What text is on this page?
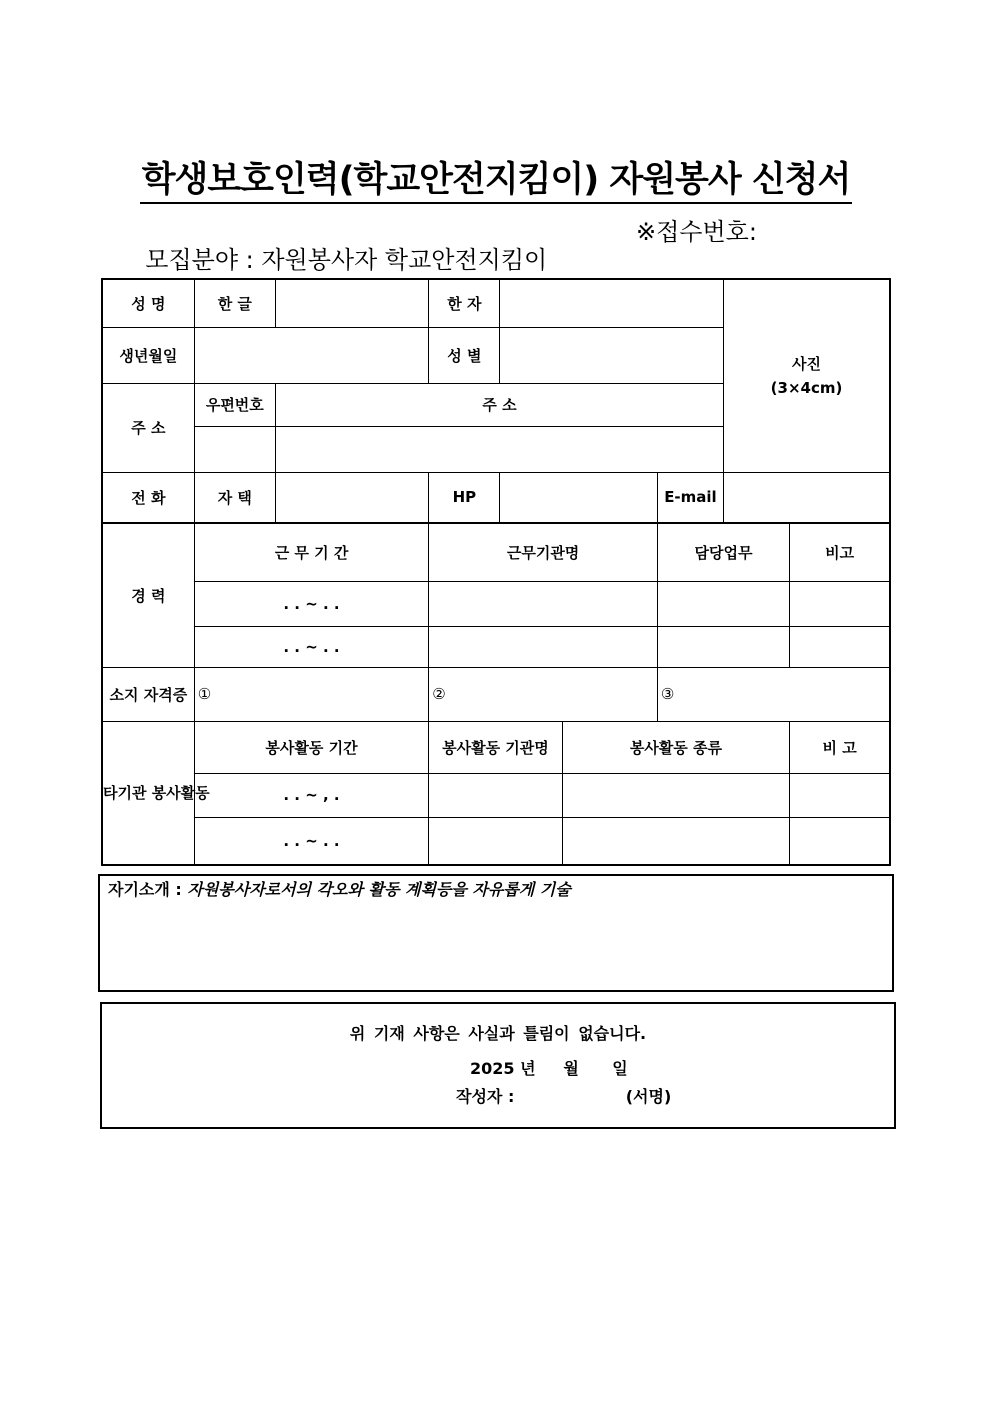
학생보호인력(학교안전지킴이) 자원봉사 신청서

모집분야 : 자원봉사자 학교안전지킴이

※접수번호:

성 명	한 글		한 자				사진
(3×4cm)	

생년월일			성 별					
주 소	우편번호	주 소						

전 화	자 택		HP			E-mail		
경 력	근 무 기 간		근무기관명			담당업무		비고
	. . ~ . .							
	. . ~ . .							
소지 자격증	①		②			③		
타기관 봉사활동	봉사활동 기간		봉사활동 기관명		봉사활동 종류			비 고
	. . ~ , .							
	. . ~ . .							
자기소개 : 자원봉사자로서의 각오와 활동 계획등을 자유롭게 기술
위 기재 사항은 사실과 틀림이 없습니다.
2025 년     월      일
작성자 :                    (서명)
